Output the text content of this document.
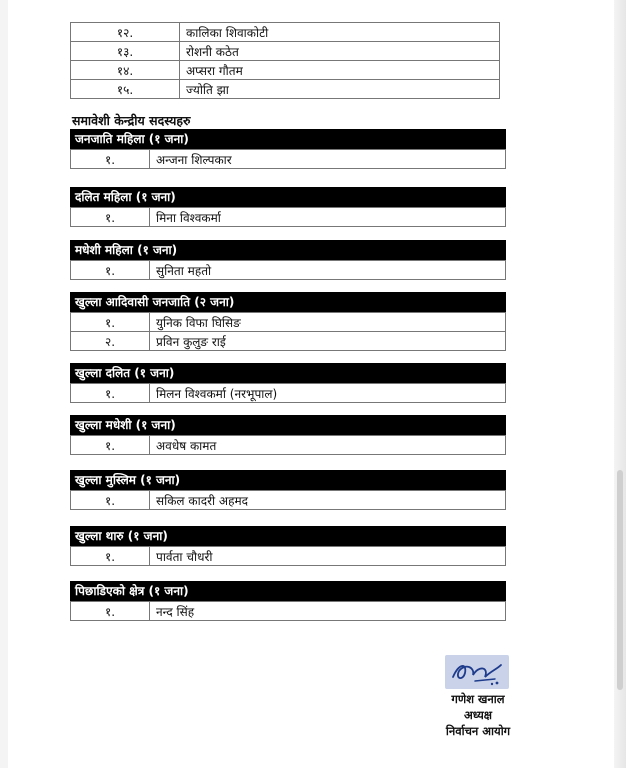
१२.	कालिका शिवाकोटी
१३.	रोशनी कठेत
१४.	अप्सरा गौतम
१५.	ज्योति झा
समावेशी केन्द्रीय सदस्यहरु
जनजाति महिला (१ जना)
१.	अन्जना शिल्पकार
दलित महिला (१ जना)
१.	मिना विश्वकर्मा
मधेशी महिला (१ जना)
१.	सुनिता महतो
खुल्ला आदिवासी जनजाति (२ जना)
१.	युनिक विफा घिसिङ
२.	प्रविन कुलुङ राई
खुल्ला दलित (१ जना)
१.	मिलन विश्वकर्मा (नरभूपाल)
खुल्ला मधेशी (१ जना)
१.	अवधेष कामत
खुल्ला मुस्लिम (१ जना)
१.	सकिल कादरी अहमद
खुल्ला थारु (१ जना)
१.	पार्वता चौधरी
पिछाडिएको क्षेत्र (१ जना)
१.	नन्द सिंह
गणेश खनाल
अध्यक्ष
निर्वाचन आयोग
